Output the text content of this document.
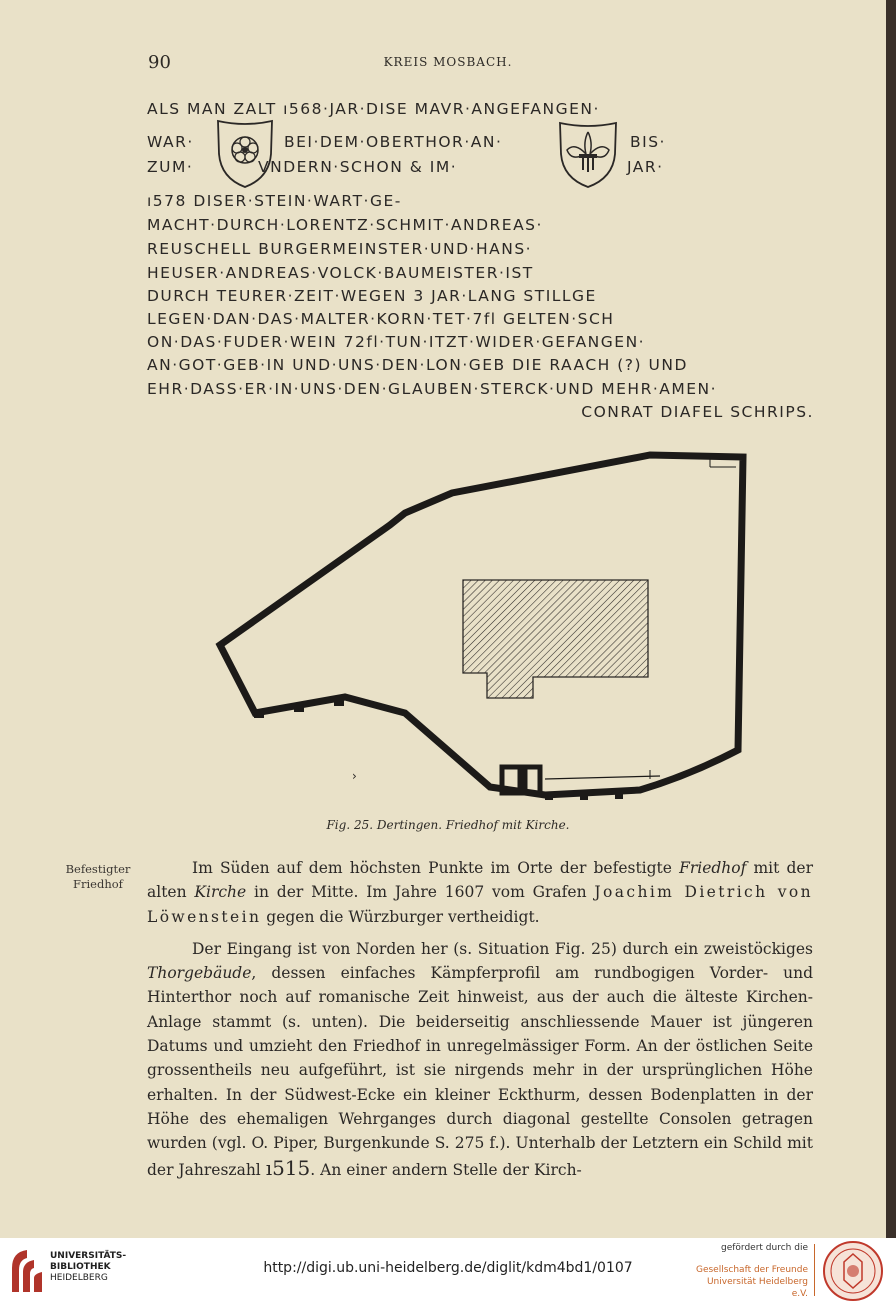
90	KREIS MOSBACH.
ALS MAN ZALT ı568·JAR·DISE MAVR·ANGEFANGEN·
WAR·	BEI·DEM·OBERTHOR·AN·	BIS·
ZUM·	VNDERN·SCHON & IM·	JAR·
ı578 DISER·STEIN·WART·GE-
MACHT·DURCH·LORENTZ·SCHMIT·ANDREAS·
REUSCHELL BURGERMEINSTER·UND·HANS·
HEUSER·ANDREAS·VOLCK·BAUMEISTER·IST
DURCH TEURER·ZEIT·WEGEN 3 JAR·LANG STILLGE
LEGEN·DAN·DAS·MALTER·KORN·TET·7fl GELTEN·SCH
ON·DAS·FUDER·WEIN 72fl·TUN·ITZT·WIDER·GEFANGEN·
AN·GOT·GEB·IN UND·UNS·DEN·LON·GEB DIE RAACH (?) UND
EHR·DASS·ER·IN·UNS·DEN·GLAUBEN·STERCK·UND MEHR·AMEN·
CONRAT DIAFEL SCHRIPS.
›
Fig. 25. Dertingen. Friedhof mit Kirche.
Befestigter Friedhof

Im Süden auf dem höchsten Punkte im Orte der befestigte Friedhof mit der alten Kirche in der Mitte. Im Jahre 1607 vom Grafen Joachim Dietrich von Löwenstein gegen die Würzburger vertheidigt.

Der Eingang ist von Norden her (s. Situation Fig. 25) durch ein zweistöckiges Thorgebäude, dessen einfaches Kämpferprofil am rundbogigen Vorder- und Hinterthor noch auf romanische Zeit hinweist, aus der auch die älteste Kirchen-Anlage stammt (s. unten). Die beiderseitig anschliessende Mauer ist jüngeren Datums und umzieht den Friedhof in unregelmässiger Form. An der östlichen Seite grossentheils neu aufgeführt, ist sie nirgends mehr in der ursprünglichen Höhe erhalten. In der Südwest-Ecke ein kleiner Eckthurm, dessen Bodenplatten in der Höhe des ehemaligen Wehrganges durch diagonal gestellte Consolen getragen wurden (vgl. O. Piper, Burgenkunde S. 275 f.). Unterhalb der Letztern ein Schild mit der Jahreszahl ı515. An einer andern Stelle der Kirch-

UNIVERSITÄTS-
BIBLIOTHEK
HEIDELBERG
http://digi.ub.uni-heidelberg.de/diglit/kdm4bd1/0107
gefördert durch die
Gesellschaft der Freunde
Universität Heidelberg e.V.
